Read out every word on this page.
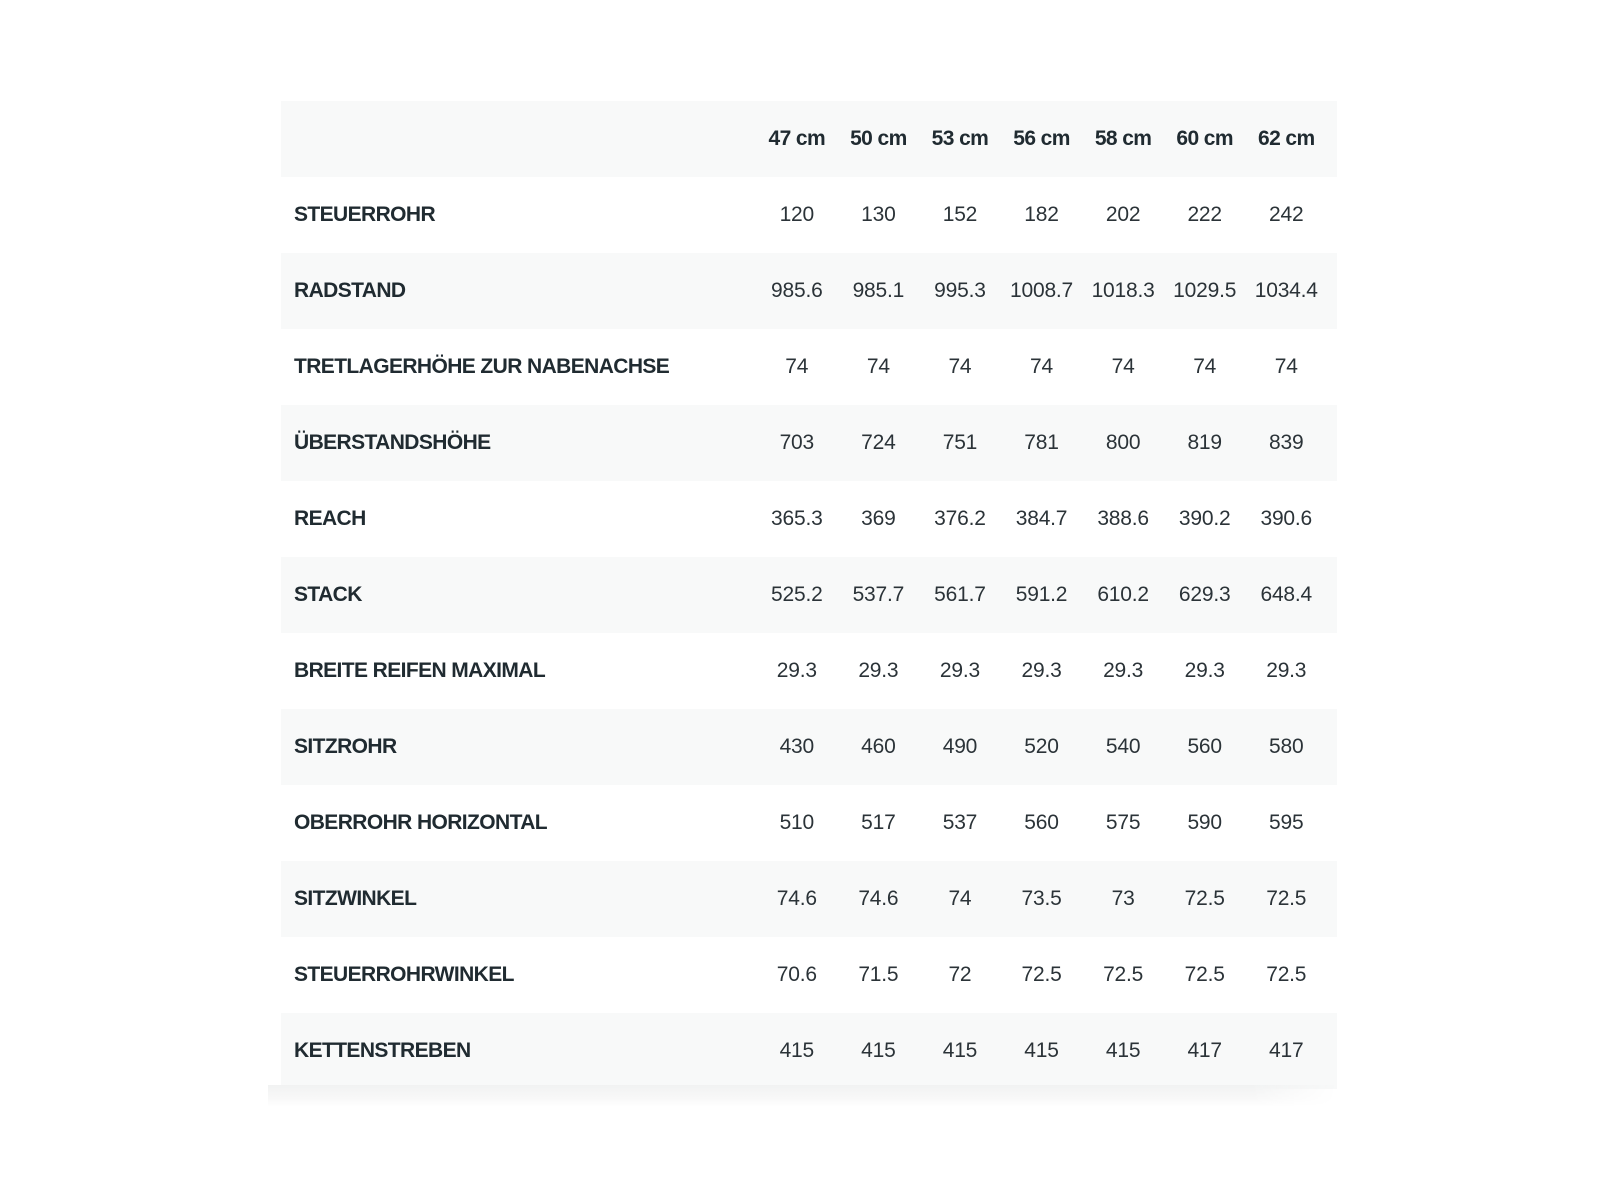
47 cm	50 cm	53 cm	56 cm	58 cm	60 cm	62 cm
STEUERROHR	120	130	152	182	202	222	242
RADSTAND	985.6	985.1	995.3	1008.7 1018.3 1029.5 1034.4
TRETLAGERHÖHE ZUR NABENACHSE	74	74	74	74	74	74	74
ÜBERSTANDSHÖHE	703	724	751	781	800	819	839
REACH	365.3	369	376.2	384.7	388.6	390.2	390.6
STACK	525.2	537.7	561.7	591.2	610.2	629.3	648.4
BREITE REIFEN MAXIMAL	29.3	29.3	29.3	29.3	29.3	29.3	29.3
SITZROHR	430	460	490	520	540	560	580
OBERROHR HORIZONTAL	510	517	537	560	575	590	595
SITZWINKEL	74.6	74.6	74	73.5	73	72.5	72.5
STEUERROHRWINKEL	70.6	71.5	72	72.5	72.5	72.5	72.5
KETTENSTREBEN	415	415	415	415	415	417	417
